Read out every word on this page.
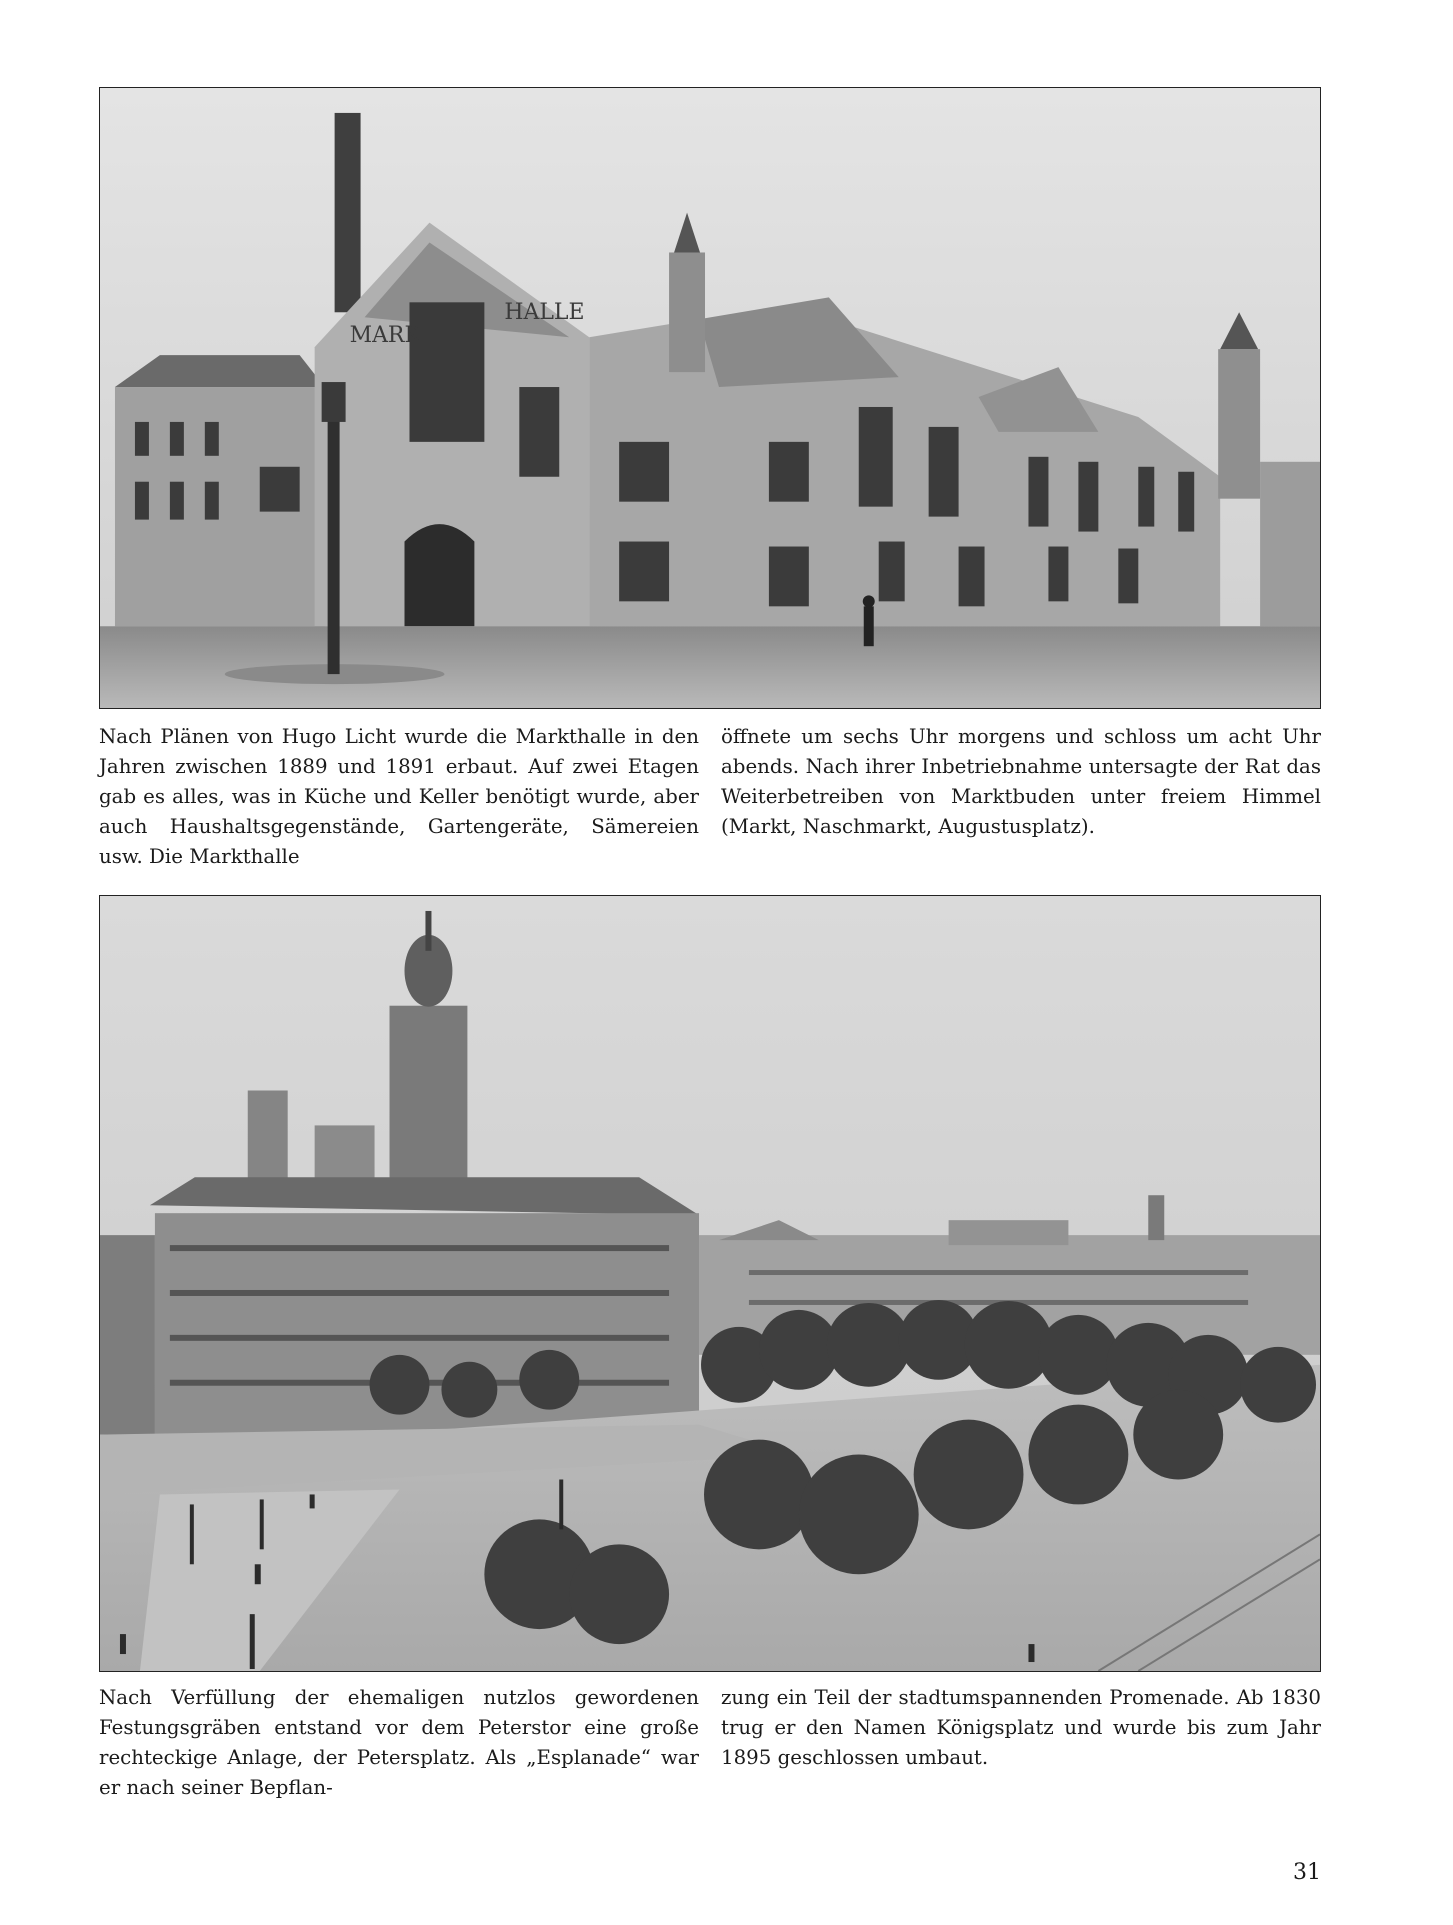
MARKT
HALLE
Nach Plänen von Hugo Licht wurde die Markthalle in den Jahren zwischen 1889 und 1891 erbaut. Auf zwei Etagen gab es alles, was in Küche und Keller benötigt wurde, aber auch Haushaltsgegenstände, Gartengeräte, Sämereien usw. Die Markthalle
öffnete um sechs Uhr morgens und schloss um acht Uhr abends. Nach ihrer Inbetriebnahme untersagte der Rat das Weiterbetreiben von Marktbuden unter freiem Himmel (Markt, Naschmarkt, Augustusplatz).
Nach Verfüllung der ehemaligen nutzlos gewordenen Festungsgräben entstand vor dem Peterstor eine große rechteckige Anlage, der Petersplatz. Als „Esplanade“ war er nach seiner Bepflan-
zung ein Teil der stadtumspannenden Promenade. Ab 1830 trug er den Namen Königsplatz und wurde bis zum Jahr 1895 geschlossen umbaut.
31
